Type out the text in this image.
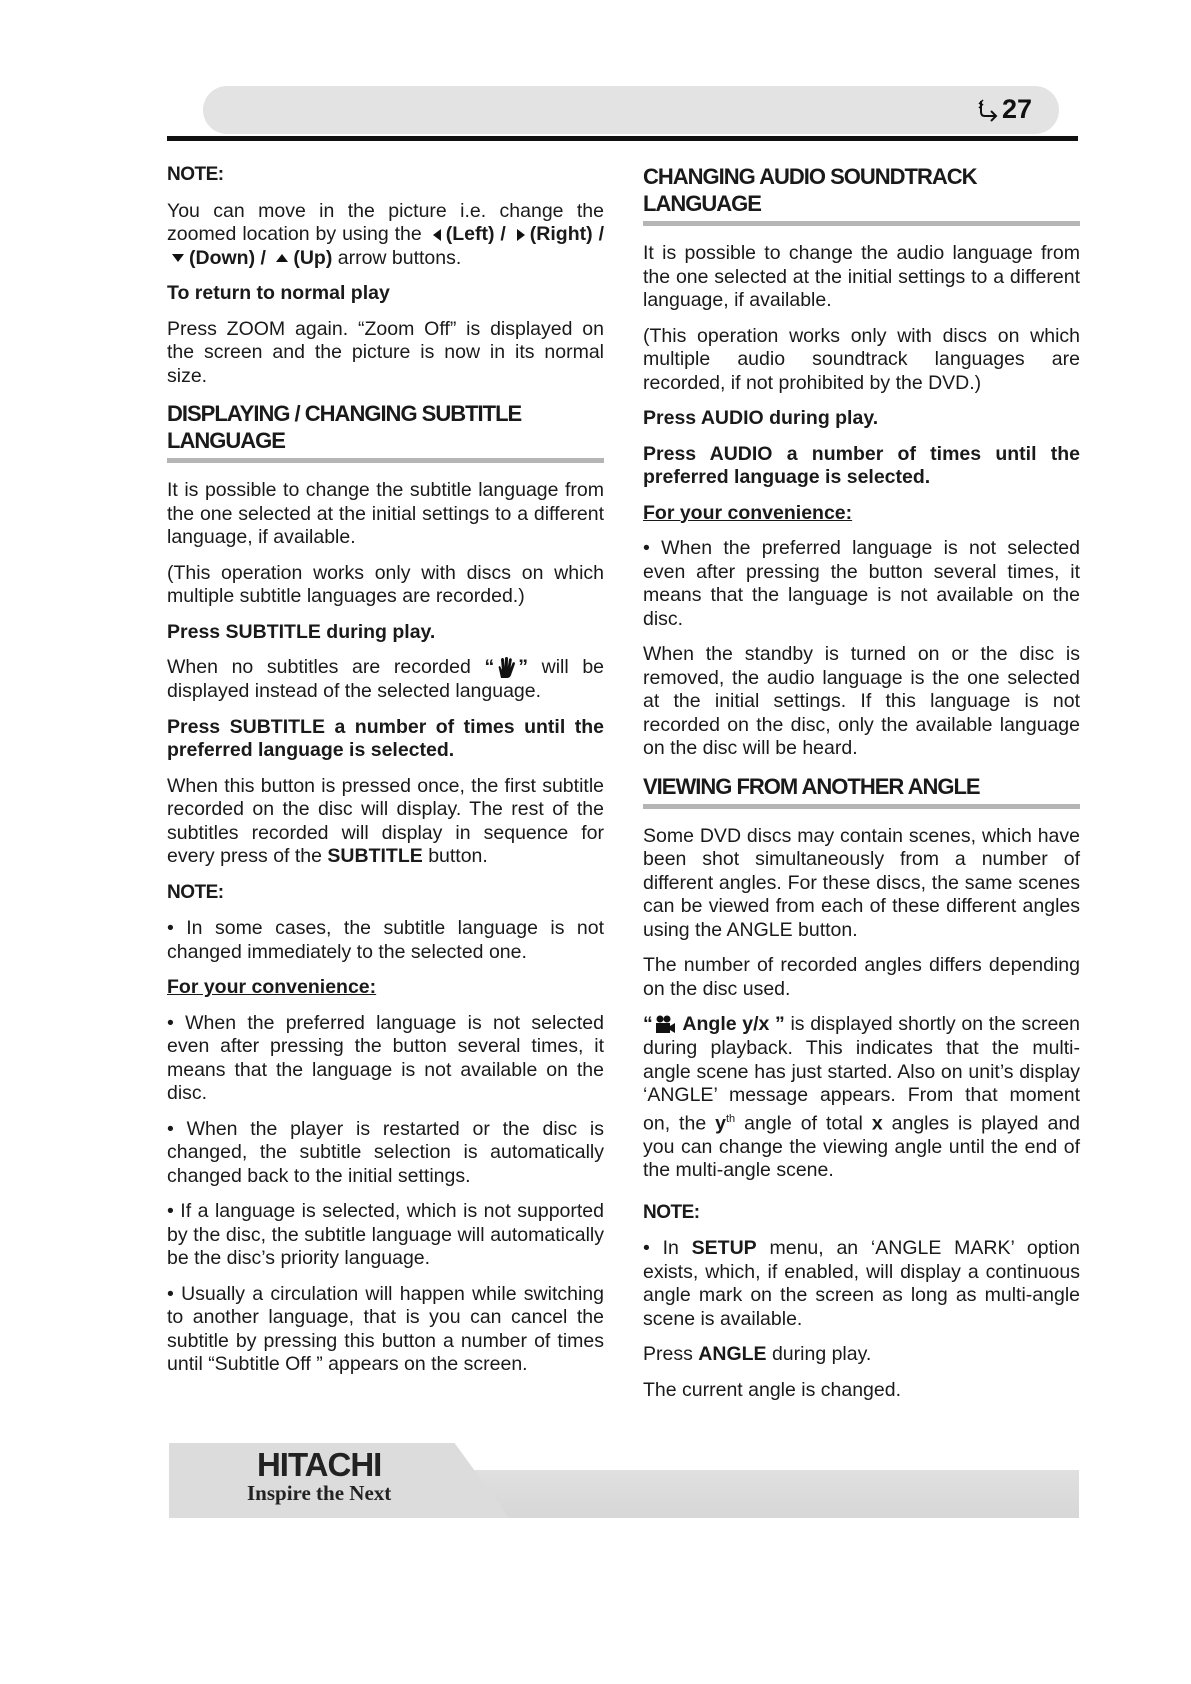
27

NOTE:

You can move in the picture i.e. change the zoomed location by using the (Left) / (Right) / (Down) / (Up) arrow buttons.

To return to normal play

Press ZOOM again. “Zoom Off” is displayed on the screen and the picture is now in its normal size.

DISPLAYING / CHANGING SUBTITLE LANGUAGE

It is possible to change the subtitle language from the one selected at the initial settings to a different language, if available.

(This operation works only with discs on which multiple subtitle languages are recorded.)

Press SUBTITLE during play.

When no subtitles are recorded “ ” will be displayed instead of the selected language.

Press SUBTITLE a number of times until the preferred language is selected.

When this button is pressed once, the first subtitle recorded on the disc will display. The rest of the subtitles recorded will display in sequence for every press of the SUBTITLE button.

NOTE:

• In some cases, the subtitle language is not changed immediately to the selected one.

For your convenience:

• When the preferred language is not selected even after pressing the button several times, it means that the language is not available on the disc.

• When the player is restarted or the disc is changed, the subtitle selection is automatically changed back to the initial settings.

• If a language is selected, which is not supported by the disc, the subtitle language will automatically be the disc’s priority language.

• Usually a circulation will happen while switching to another language, that is you can cancel the subtitle by pressing this button a number of times until “Subtitle Off ” appears on the screen.

CHANGING AUDIO SOUNDTRACK LANGUAGE

It is possible to change the audio language from the one selected at the initial settings to a different language, if available.

(This operation works only with discs on which multiple audio soundtrack languages are recorded, if not prohibited by the DVD.)

Press AUDIO during play.

Press AUDIO a number of times until the preferred language is selected.

For your convenience:

• When the preferred language is not selected even after pressing the button several times, it means that the language is not available on the disc.

When the standby is turned on or the disc is removed, the audio language is the one selected at the initial settings. If this language is not recorded on the disc, only the available language on the disc will be heard.

VIEWING FROM ANOTHER ANGLE

Some DVD discs may contain scenes, which have been shot simultaneously from a number of different angles. For these discs, the same scenes can be viewed from each of these different angles using the ANGLE button.

The number of recorded angles differs depending on the disc used.

“ Angle y/x ” is displayed shortly on the screen during playback. This indicates that the multi-angle scene has just started. Also on unit’s display ‘ANGLE’ message appears. From that moment on, the $y^{th}$ angle of total x angles is played and you can change the viewing angle until the end of the multi-angle scene.

NOTE:

• In SETUP menu, an ‘ANGLE MARK’ option exists, which, if enabled, will display a continuous angle mark on the screen as long as multi-angle scene is available.

Press ANGLE during play.

The current angle is changed.

HITACHI
Inspire the Next
